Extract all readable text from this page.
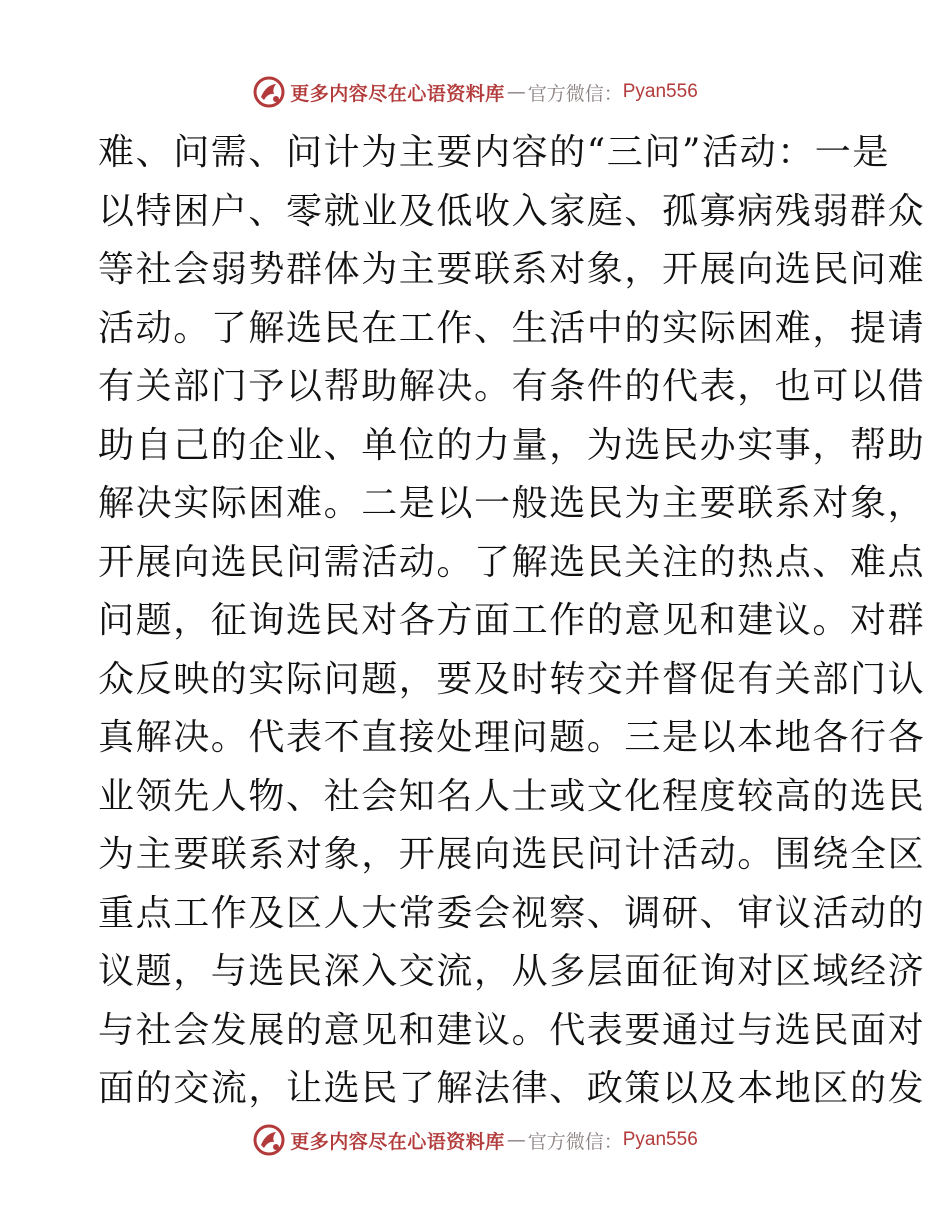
更多内容尽在心语资料库 — 官方微信： Pyan556
难、问需、问计为主要内容的“三问”活动：一是
以特困户、零就业及低收入家庭、孤寡病残弱群众
等社会弱势群体为主要联系对象，开展向选民问难
活动。了解选民在工作、生活中的实际困难，提请
有关部门予以帮助解决。有条件的代表，也可以借
助自己的企业、单位的力量，为选民办实事，帮助
解决实际困难。二是以一般选民为主要联系对象，
开展向选民问需活动。了解选民关注的热点、难点
问题，征询选民对各方面工作的意见和建议。对群
众反映的实际问题，要及时转交并督促有关部门认
真解决。代表不直接处理问题。三是以本地各行各
业领先人物、社会知名人士或文化程度较高的选民
为主要联系对象，开展向选民问计活动。围绕全区
重点工作及区人大常委会视察、调研、审议活动的
议题，与选民深入交流，从多层面征询对区域经济
与社会发展的意见和建议。代表要通过与选民面对
面的交流，让选民了解法律、政策以及本地区的发
更多内容尽在心语资料库 — 官方微信： Pyan556
